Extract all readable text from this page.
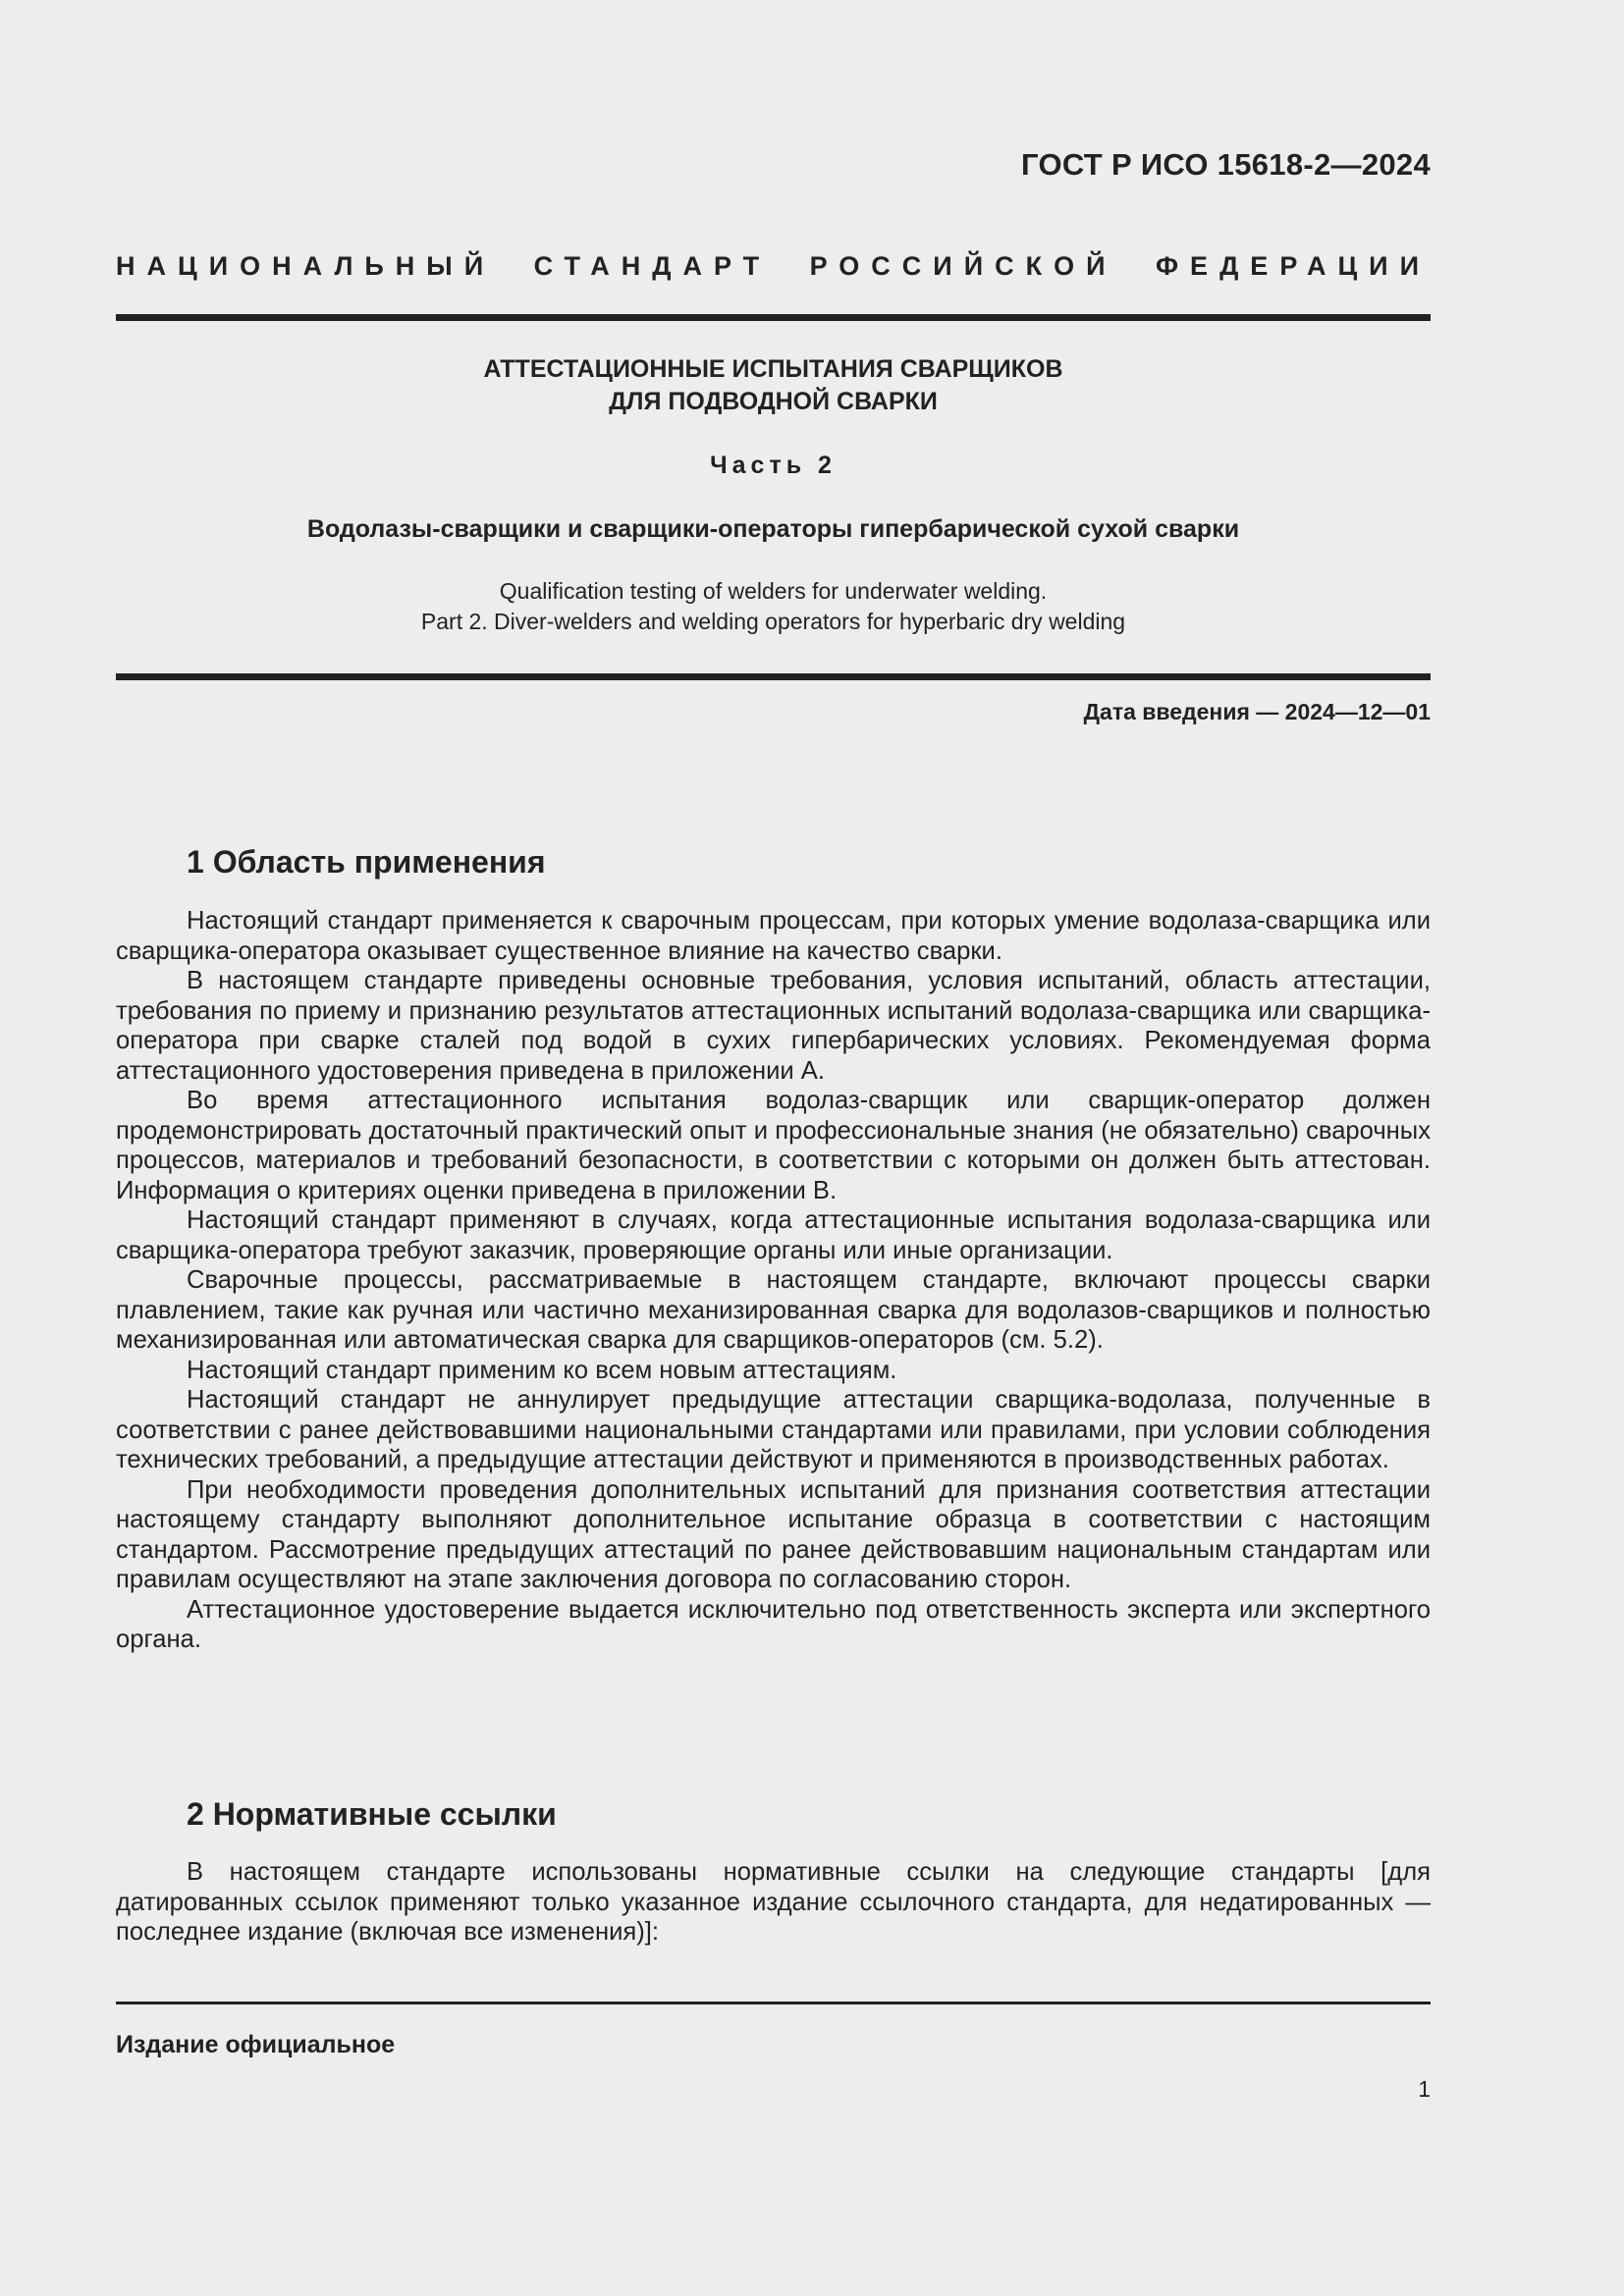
ГОСТ Р ИСО 15618-2—2024
НАЦИОНАЛЬНЫЙ СТАНДАРТ РОССИЙСКОЙ ФЕДЕРАЦИИ
АТТЕСТАЦИОННЫЕ ИСПЫТАНИЯ СВАРЩИКОВ
ДЛЯ ПОДВОДНОЙ СВАРКИ
Часть 2
Водолазы-сварщики и сварщики-операторы гипербарической сухой сварки
Qualification testing of welders for underwater welding.
Part 2. Diver-welders and welding operators for hyperbaric dry welding
Дата введения — 2024—12—01
1 Область применения

Настоящий стандарт применяется к сварочным процессам, при которых умение водолаза-сварщика или сварщика-оператора оказывает существенное влияние на качество сварки.

В настоящем стандарте приведены основные требования, условия испытаний, область аттестации, требования по приему и признанию результатов аттестационных испытаний водолаза-сварщика или сварщика-оператора при сварке сталей под водой в сухих гипербарических условиях. Рекомендуемая форма аттестационного удостоверения приведена в приложении А.

Во время аттестационного испытания водолаз-сварщик или сварщик-оператор должен продемонстрировать достаточный практический опыт и профессиональные знания (не обязательно) сварочных процессов, материалов и требований безопасности, в соответствии с которыми он должен быть аттестован. Информация о критериях оценки приведена в приложении В.

Настоящий стандарт применяют в случаях, когда аттестационные испытания водолаза-сварщика или сварщика-оператора требуют заказчик, проверяющие органы или иные организации.

Сварочные процессы, рассматриваемые в настоящем стандарте, включают процессы сварки плавлением, такие как ручная или частично механизированная сварка для водолазов-сварщиков и полностью механизированная или автоматическая сварка для сварщиков-операторов (см. 5.2).

Настоящий стандарт применим ко всем новым аттестациям.

Настоящий стандарт не аннулирует предыдущие аттестации сварщика-водолаза, полученные в соответствии с ранее действовавшими национальными стандартами или правилами, при условии соблюдения технических требований, а предыдущие аттестации действуют и применяются в производственных работах.

При необходимости проведения дополнительных испытаний для признания соответствия аттестации настоящему стандарту выполняют дополнительное испытание образца в соответствии с настоящим стандартом. Рассмотрение предыдущих аттестаций по ранее действовавшим национальным стандартам или правилам осуществляют на этапе заключения договора по согласованию сторон.

Аттестационное удостоверение выдается исключительно под ответственность эксперта или экспертного органа.

2 Нормативные ссылки

В настоящем стандарте использованы нормативные ссылки на следующие стандарты [для датированных ссылок применяют только указанное издание ссылочного стандарта, для недатированных — последнее издание (включая все изменения)]:

Издание официальное
1
